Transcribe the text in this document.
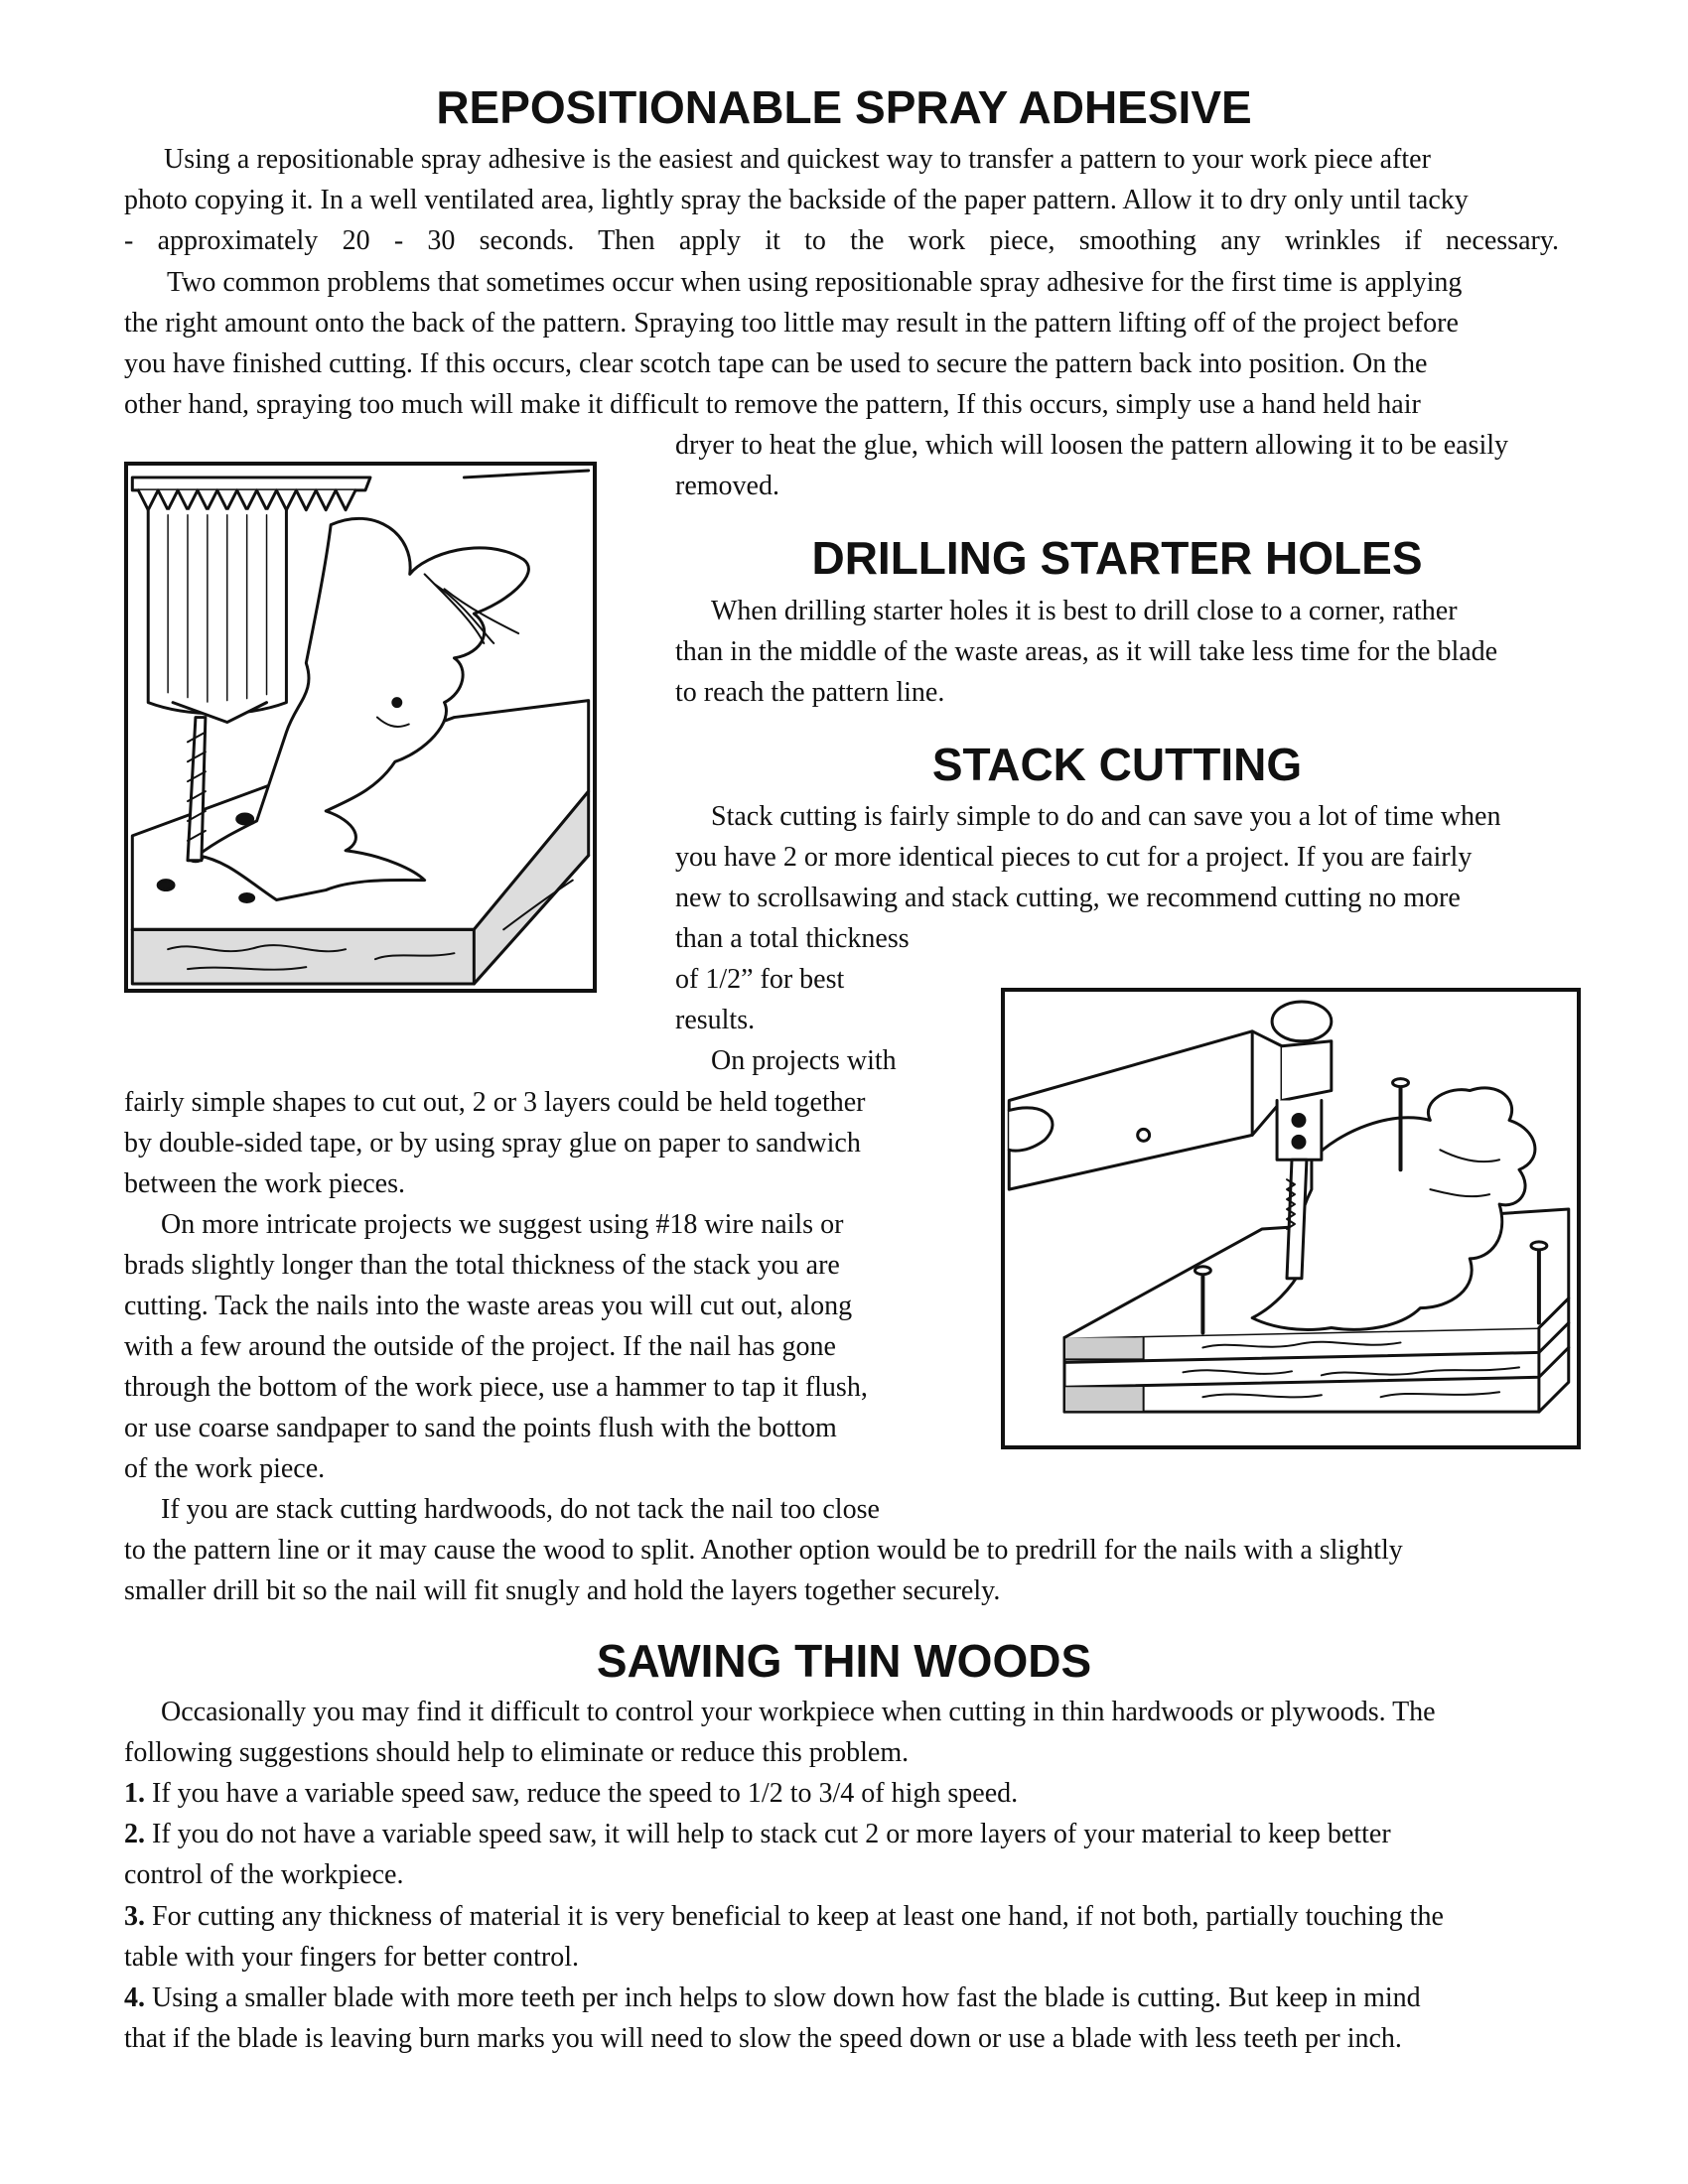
REPOSITIONABLE SPRAY ADHESIVE

Using a repositionable spray adhesive is the easiest and quickest way to transfer a pattern to your work piece after

photo copying it. In a well ventilated area, lightly spray the backside of the paper pattern. Allow it to dry only until tacky

- approximately 20 - 30 seconds. Then apply it to the work piece, smoothing any wrinkles if necessary.

Two common problems that sometimes occur when using repositionable spray adhesive for the first time is applying

the right amount onto the back of the pattern. Spraying too little may result in the pattern lifting off of the project before

you have finished cutting. If this occurs, clear scotch tape can be used to secure the pattern back into position. On the

other hand, spraying too much will make it difficult to remove the pattern, If this occurs, simply use a hand held hair

dryer to heat the glue, which will loosen the pattern allowing it to be easily

removed.

DRILLING STARTER HOLES

When drilling starter holes it is best to drill close to a corner, rather

than in the middle of the waste areas, as it will take less time for the blade

to reach the pattern line.

STACK CUTTING

Stack cutting is fairly simple to do and can save you a lot of time when

you have 2 or more identical pieces to cut for a project. If you are fairly

new to scrollsawing and stack cutting, we recommend cutting no more

than a total thickness

of 1/2” for best

results.

On projects with

fairly simple shapes to cut out, 2 or 3 layers could be held together

by double-sided tape, or by using spray glue on paper to sandwich

between the work pieces.

On more intricate projects we suggest using #18 wire nails or

brads slightly longer than the total thickness of the stack you are

cutting. Tack the nails into the waste areas you will cut out, along

with a few around the outside of the project. If the nail has gone

through the bottom of the work piece, use a hammer to tap it flush,

or use coarse sandpaper to sand the points flush with the bottom

of the work piece.

If you are stack cutting hardwoods, do not tack the nail too close

to the pattern line or it may cause the wood to split. Another option would be to predrill for the nails with a slightly

smaller drill bit so the nail will fit snugly and hold the layers together securely.

SAWING THIN WOODS

Occasionally you may find it difficult to control your workpiece when cutting in thin hardwoods or plywoods. The

following suggestions should help to eliminate or reduce this problem.

1. If you have a variable speed saw, reduce the speed to 1/2 to 3/4 of high speed.

2. If you do not have a variable speed saw, it will help to stack cut 2 or more layers of your material to keep better

control of the workpiece.

3. For cutting any thickness of material it is very beneficial to keep at least one hand, if not both, partially touching the

table with your fingers for better control.

4. Using a smaller blade with more teeth per inch helps to slow down how fast the blade is cutting. But keep in mind

that if the blade is leaving burn marks you will need to slow the speed down or use a blade with less teeth per inch.
